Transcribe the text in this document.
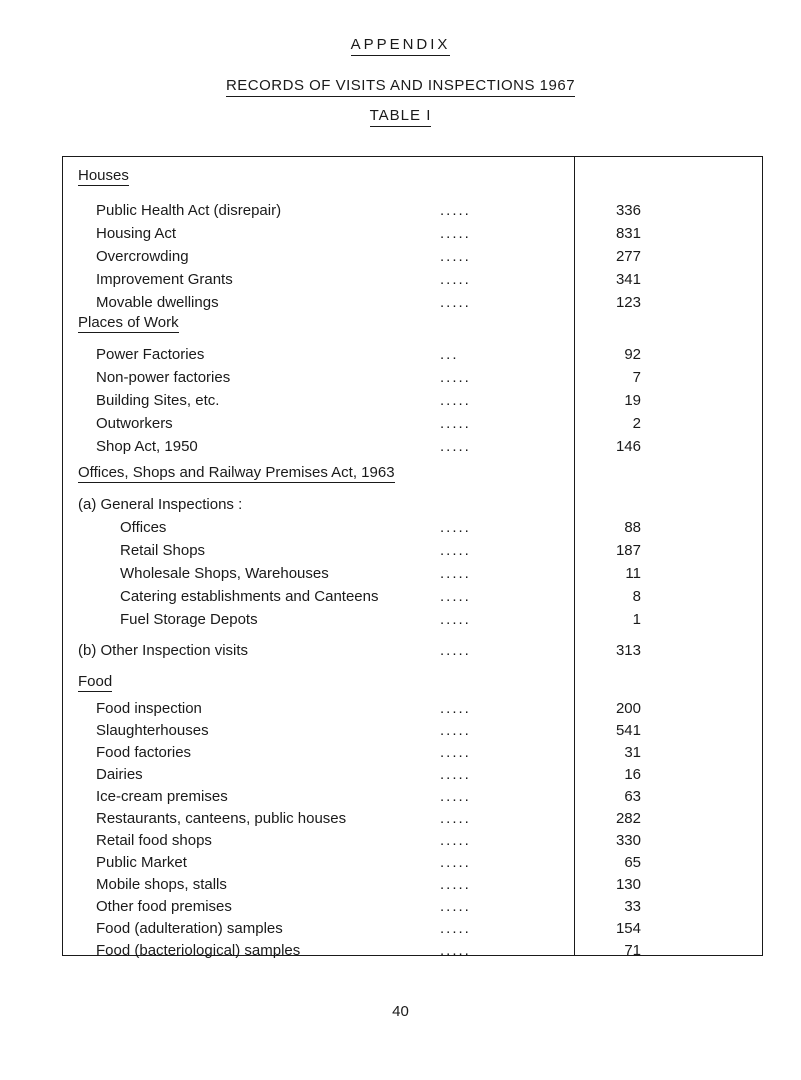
APPENDIX
RECORDS OF VISITS AND INSPECTIONS 1967
TABLE I
Houses
Public Health Act (disrepair)	.....	336
Housing Act	.....	831
Overcrowding	.....	277
Improvement Grants	.....	341
Movable dwellings	.....	123
Places of Work
Power Factories	...	92
Non-power factories	.....	7
Building Sites, etc.	.....	19
Outworkers	.....	2
Shop Act, 1950	.....	146
Offices, Shops and Railway Premises Act, 1963
(a) General Inspections :
Offices	.....	88
Retail Shops	.....	187
Wholesale Shops, Warehouses	.....	11
Catering establishments and Canteens	.....	8
Fuel Storage Depots	.....	1
(b) Other Inspection visits	.....	313
Food
Food inspection	.....	200
Slaughterhouses	.....	541
Food factories	.....	31
Dairies	.....	16
Ice-cream premises	.....	63
Restaurants, canteens, public houses	.....	282
Retail food shops	.....	330
Public Market	.....	65
Mobile shops, stalls	.....	130
Other food premises	.....	33
Food (adulteration) samples	.....	154
Food (bacteriological) samples	.....	71
40
